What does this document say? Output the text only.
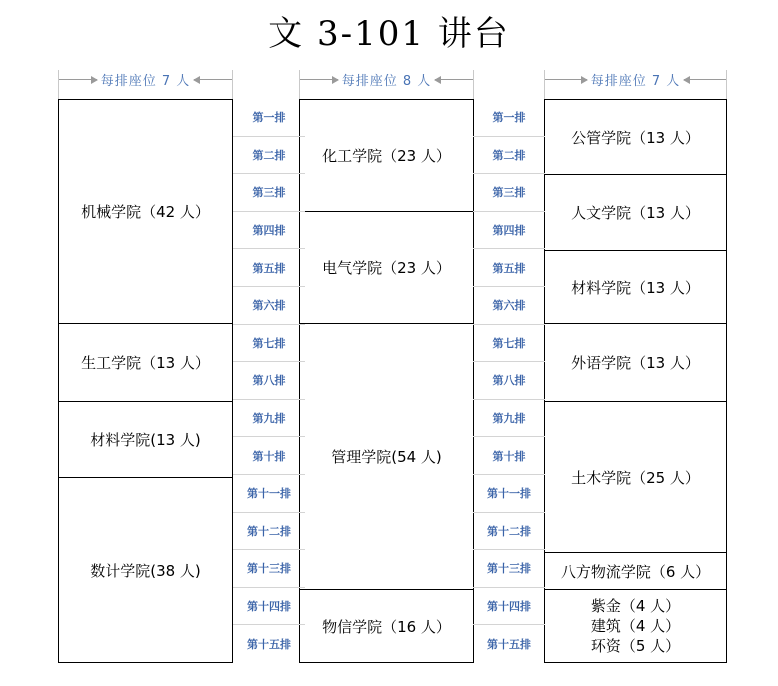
文 3-101 讲台
每排座位 7 人	每排座位 8 人	每排座位 7 人
机械学院（42 人）
生工学院（13 人）
材料学院(13 人)
数计学院(38 人)
化工学院（23 人）
电气学院（23 人）
管理学院(54 人)
物信学院（16 人）
公管学院（13 人）
人文学院（13 人）
材料学院（13 人）
外语学院（13 人）
土木学院（25 人）
八方物流学院（6 人）
紫金（4 人）
建筑（4 人）
环资（5 人）
第一排
第二排
第三排
第四排
第五排
第六排
第七排
第八排
第九排
第十排
第十一排
第十二排
第十三排
第十四排
第十五排
第一排
第二排
第三排
第四排
第五排
第六排
第七排
第八排
第九排
第十排
第十一排
第十二排
第十三排
第十四排
第十五排
